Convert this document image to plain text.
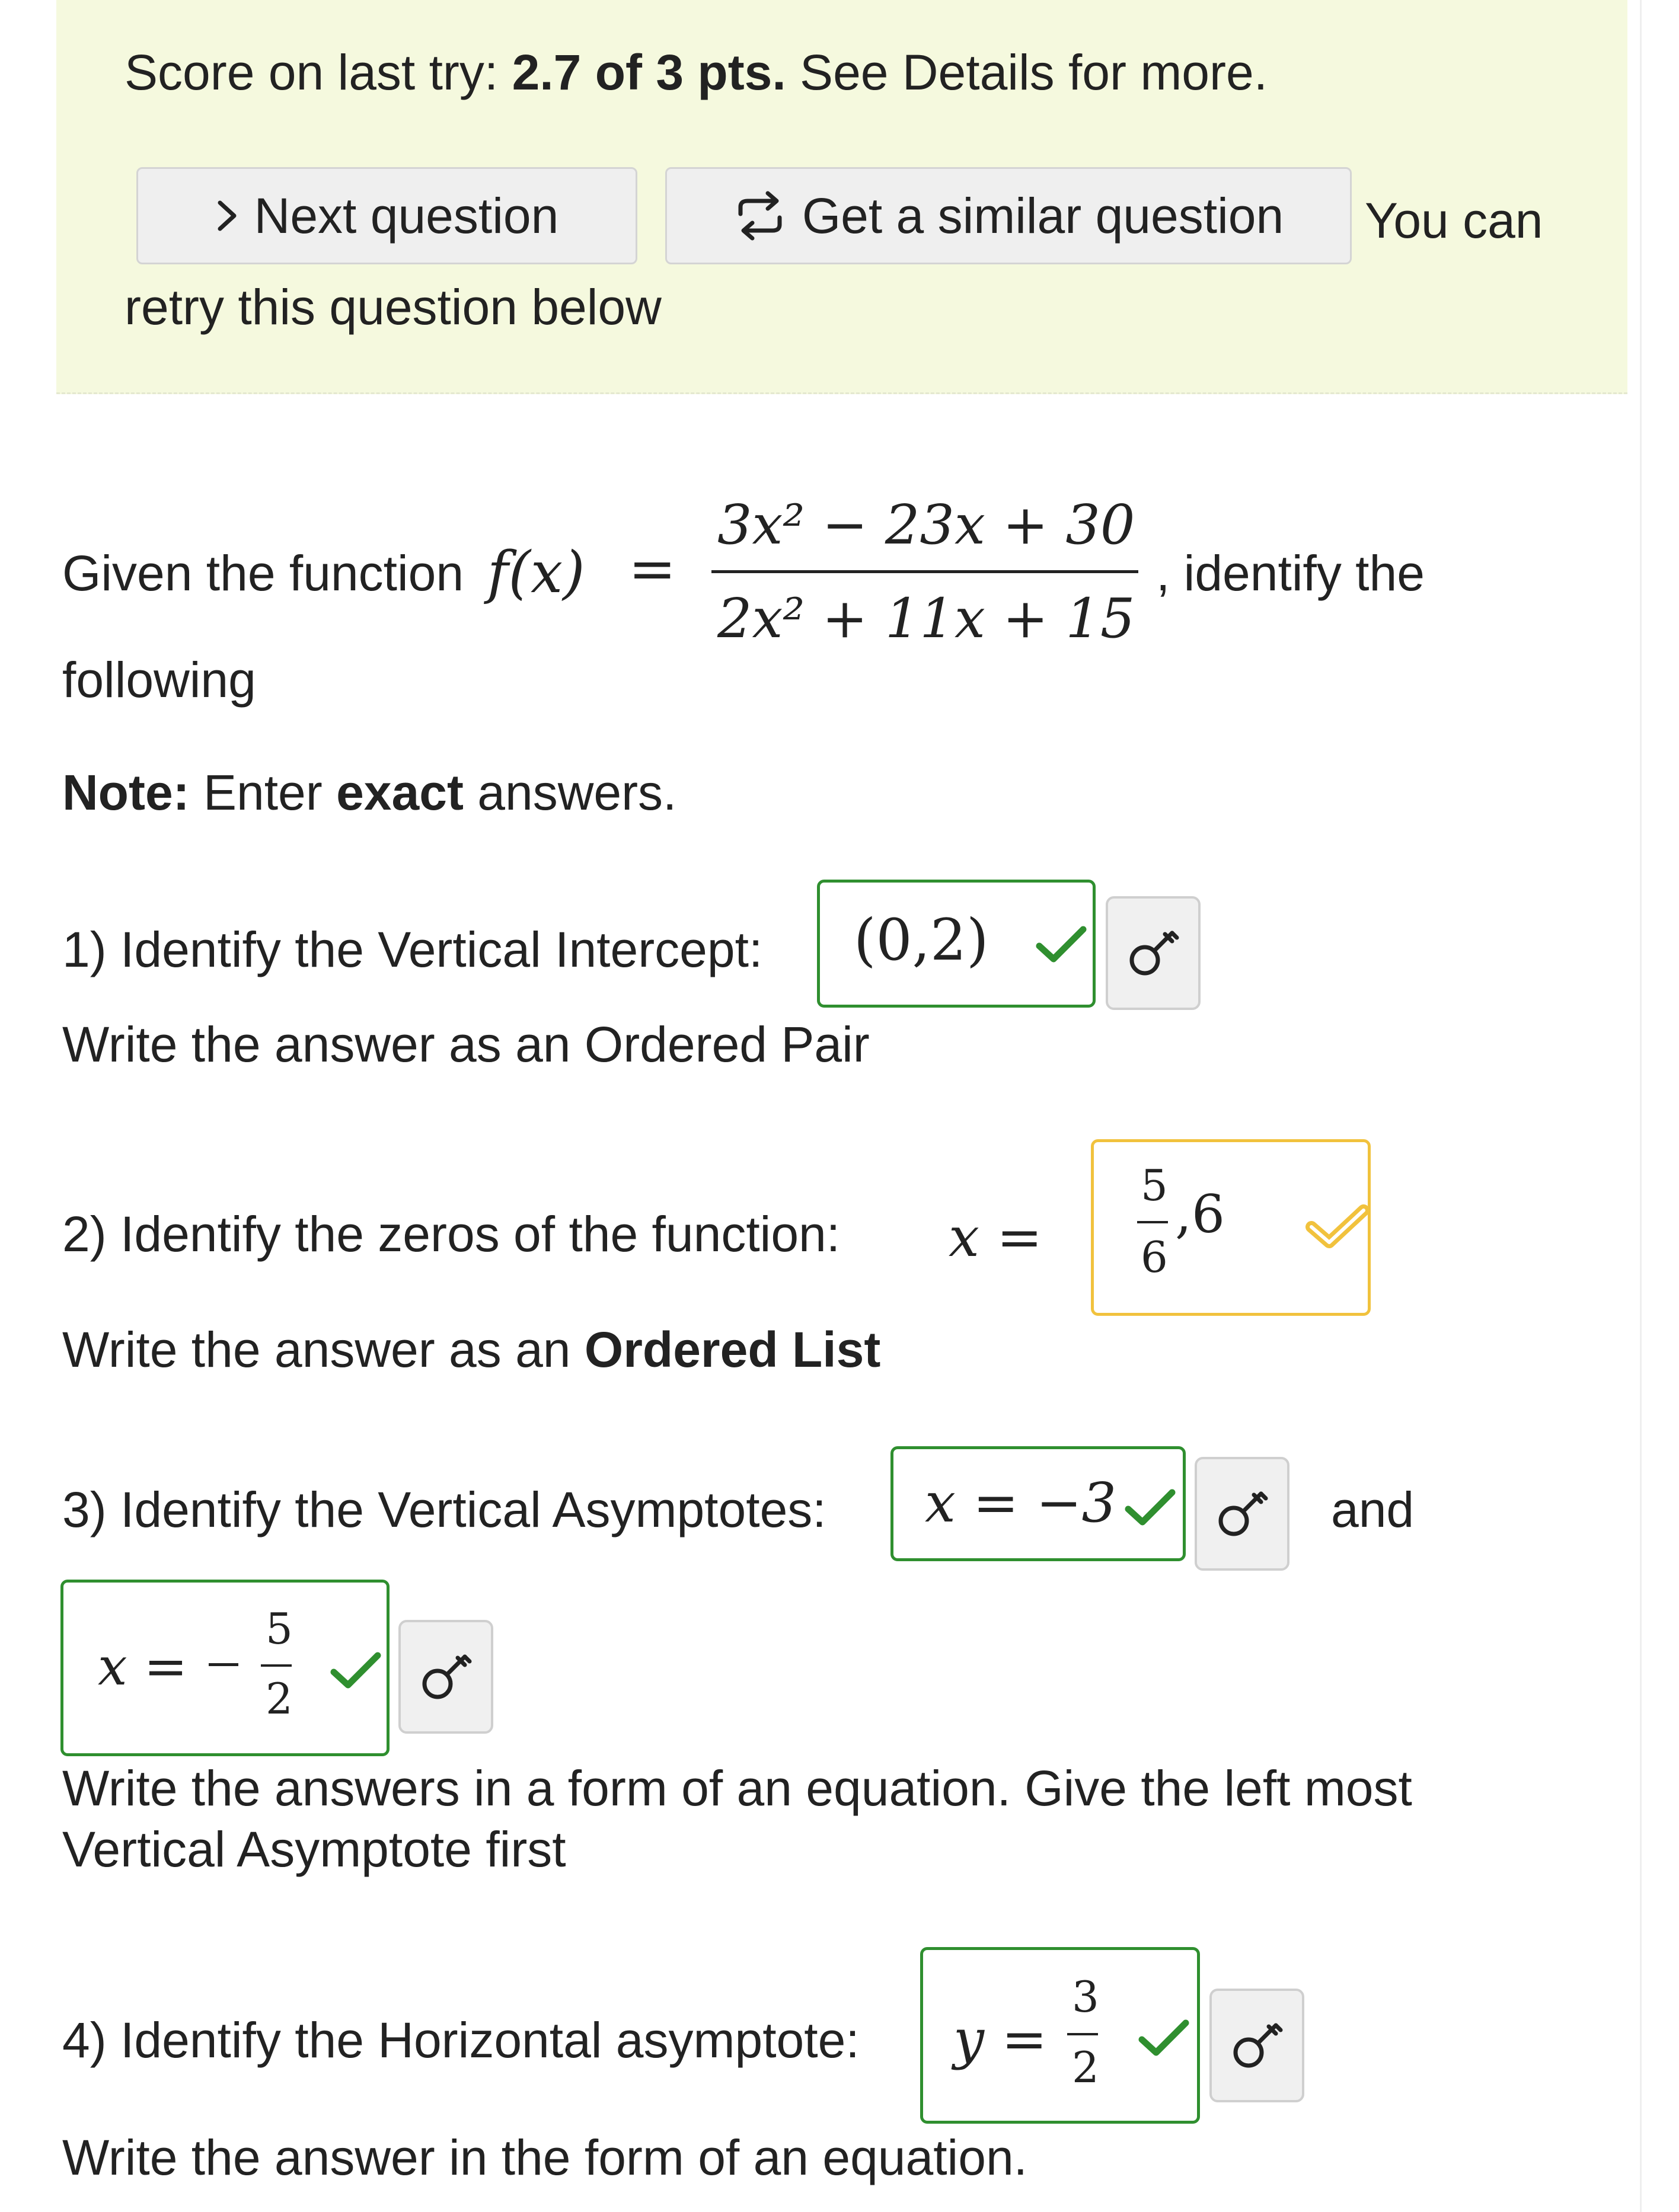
Score on last try: 2.7 of 3 pts. See Details for more.
Next question	Get a similar question You can
retry this question below
Given the function f(x) =
3x² − 23x + 30
2x² + 11x + 15
, identify the
following
Note: Enter exact answers.
1) Identify the Vertical Intercept: (0,2)
Write the answer as an Ordered Pair
2) Identify the zeros of the function: x =
5
6
,6
Write the answer as an Ordered List
3) Identify the Vertical Asymptotes: x = −3	and
x =
5
2
Write the answers in a form of an equation. Give the left most
Vertical Asymptote first
4) Identify the Horizontal asymptote: y =
3
2
Write the answer in the form of an equation.
